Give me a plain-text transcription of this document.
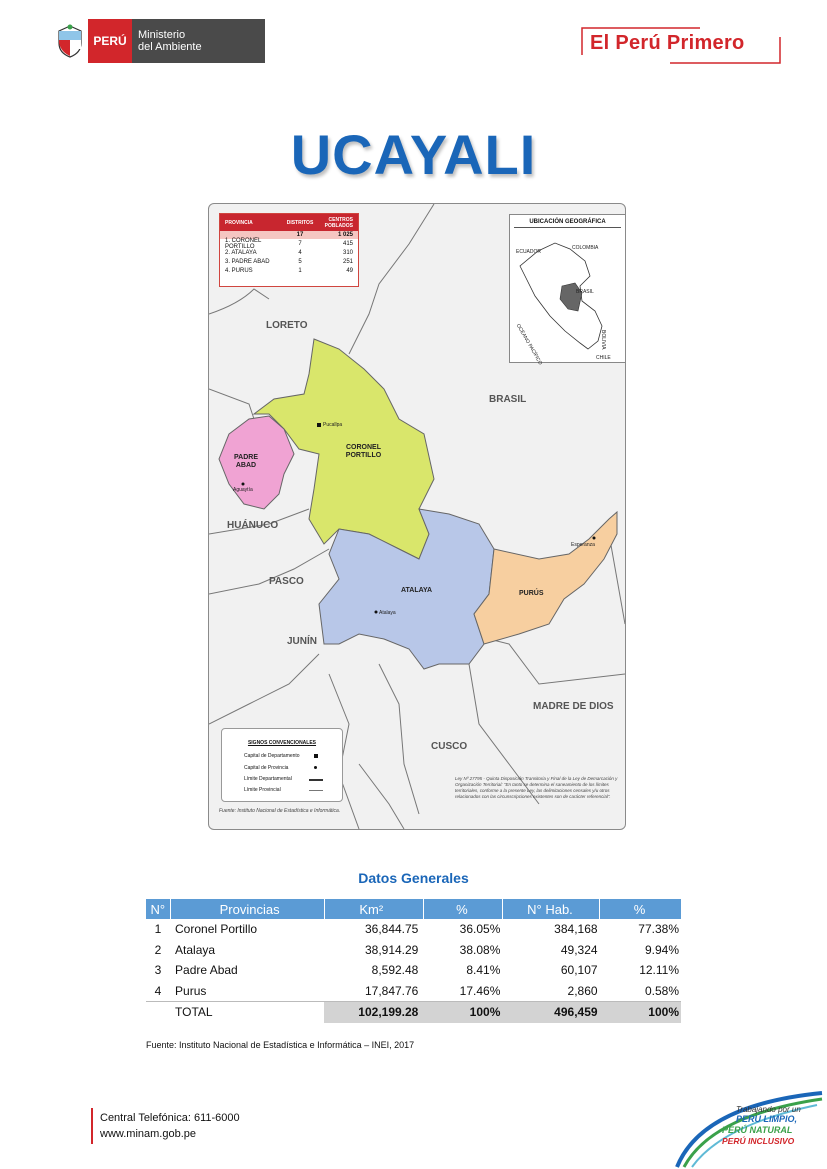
PERÚ	Ministerio
del Ambiente	El Perú Primero
UCAYALI
LORETO
BRASIL
HUÁNUCO
PASCO
JUNÍN
MADRE DE DIOS
CUSCO
CORONEL PORTILLO
PADRE ABAD
ATALAYA	PURÚS
Pucallpa
Aguaytía
Atalaya
Esperanza
PROVINCIA	DISTRITOS	CENTROS POBLADOS
17	1 025
1. CORONEL PORTILLO	7	415
2. ATALAYA	4	310
3. PADRE ABAD	5	251
4. PURUS	1	49
UBICACIÓN GEOGRÁFICA
ECUADOR
COLOMBIA
BRASIL
OCÉANO PACÍFICO	BOLIVIA
CHILE
SIGNOS CONVENCIONALES
Capital de Departamento
Capital de Provincia
Límite Departamental
Límite Provincial
Fuente: Instituto Nacional de Estadística e Informática.
Ley Nº 27795 - Quinta Disposición Transitoria y Final de la Ley de Demarcación y Organización Territorial: "En tanto se determina el saneamiento de los límites territoriales, conforme a la presente Ley, las delimitaciones censales y/u otros relacionados con las circunscripciones existentes son de carácter referencial".
Datos Generales
N°	Provincias	Km²	%	N° Hab.	%
1	Coronel Portillo	36,844.75	36.05%	384,168	77.38%
2	Atalaya	38,914.29	38.08%	49,324	9.94%
3	Padre Abad	8,592.48	8.41%	60,107	12.11%
4	Purus	17,847.76	17.46%	2,860	0.58%
	TOTAL	102,199.28	100%	496,459	100%
Fuente: Instituto Nacional de Estadística e Informática – INEI, 2017
Central Telefónica: 611-6000
www.minam.gob.pe
Trabajando por un
PERÚ LIMPIO,
PERÚ NATURAL
PERÚ INCLUSIVO
